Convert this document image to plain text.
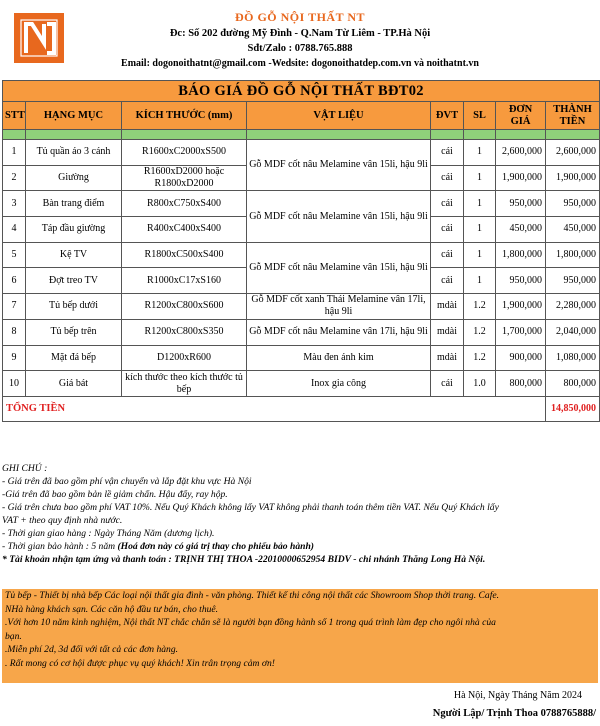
ĐỒ GỖ NỘI THẤT NT
Đc: Số 202 đường Mỹ Đình - Q.Nam Từ Liêm - TP.Hà Nội
Sđt/Zalo : 0788.765.888
Email: dogonoithatnt@gmail.com -Wedsite: dogonoithatdep.com.vn và noithatnt.vn
BÁO GIÁ ĐỒ GỖ NỘI THẤT BĐT02							
STT	HẠNG MỤC	KÍCH THƯỚC (mm)	VẬT LIỆU	ĐVT	SL	ĐƠN GIÁ	THÀNH TIỀN

1	Tủ quần áo 3 cánh	R1600xC2000xS500	Gỗ MDF cốt nâu Melamine vân 15li, hậu 9li	cái	1	2,600,000	2,600,000
2	Giường	R1600xD2000 hoặc R1800xD2000		cái	1	1,900,000	1,900,000
3	Bàn trang điểm	R800xC750xS400	Gỗ MDF cốt nâu Melamine vân 15li, hậu 9li	cái	1	950,000	950,000
4	Táp đầu giường	R400xC400xS400		cái	1	450,000	450,000
5	Kệ TV	R1800xC500xS400	Gỗ MDF cốt nâu Melamine vân 15li, hậu 9li	cái	1	1,800,000	1,800,000
6	Đợt treo TV	R1000xC17xS160		cái	1	950,000	950,000
7	Tủ bếp dưới	R1200xC800xS600	Gỗ MDF cốt xanh Thái Melamine vân 17li, hậu 9li	mdài	1.2	1,900,000	2,280,000
8	Tủ bếp trên	R1200xC800xS350	Gỗ MDF cốt nâu Melamine vân 17li, hậu 9li	mdài	1.2	1,700,000	2,040,000
9	Mặt đá bếp	D1200xR600	Màu đen ánh kim	mdài	1.2	900,000	1,080,000
10	Giá bát	kích thước theo kích thước tủ bếp	Inox gia công	cái	1.0	800,000	800,000
TỔNG TIỀN							14,850,000
GHI CHÚ :
- Giá trên đã bao gồm phí vận chuyển và lắp đặt khu vực Hà Nội
-Giá trên đã bao gồm bản lề giảm chấn. Hậu đẩy, ray hộp.
- Giá trên chưa bao gồm phí VAT 10%. Nếu Quý Khách không lấy VAT không phải thanh toán thêm tiền VAT. Nếu Quý Khách lấy
VAT + theo quy định nhà nước.
- Thời gian giao hàng : Ngày Tháng Năm (dương lịch).
- Thời gian bảo hành : 5 năm (Hoá đơn này có giá trị thay cho phiếu bảo hành)
* Tài khoản nhận tạm ứng và thanh toán : TRỊNH THỊ THOA -22010000652954 BIDV - chi nhánh Thăng Long Hà Nội.
Tủ bếp - Thiết bị nhà bếp Các loại nội thất gia đình - văn phòng. Thiết kế thi công nội thất các Showroom Shop thời trang. Cafe.
NHà hàng khách sạn. Các căn hộ đầu tư bán, cho thuê.
.Với hơn 10 năm kinh nghiệm, Nội thất NT chắc chắn sẽ là người bạn đồng hành số 1 trong quá trình làm đẹp cho ngôi nhà của
bạn.
.Miễn phí 2d, 3d đối với tất cả các đơn hàng.
. Rất mong có cơ hội được phục vụ quý khách! Xin trân trọng cảm ơn!
Hà Nội, Ngày Tháng Năm 2024
Người Lập/ Trịnh Thoa 0788765888/
